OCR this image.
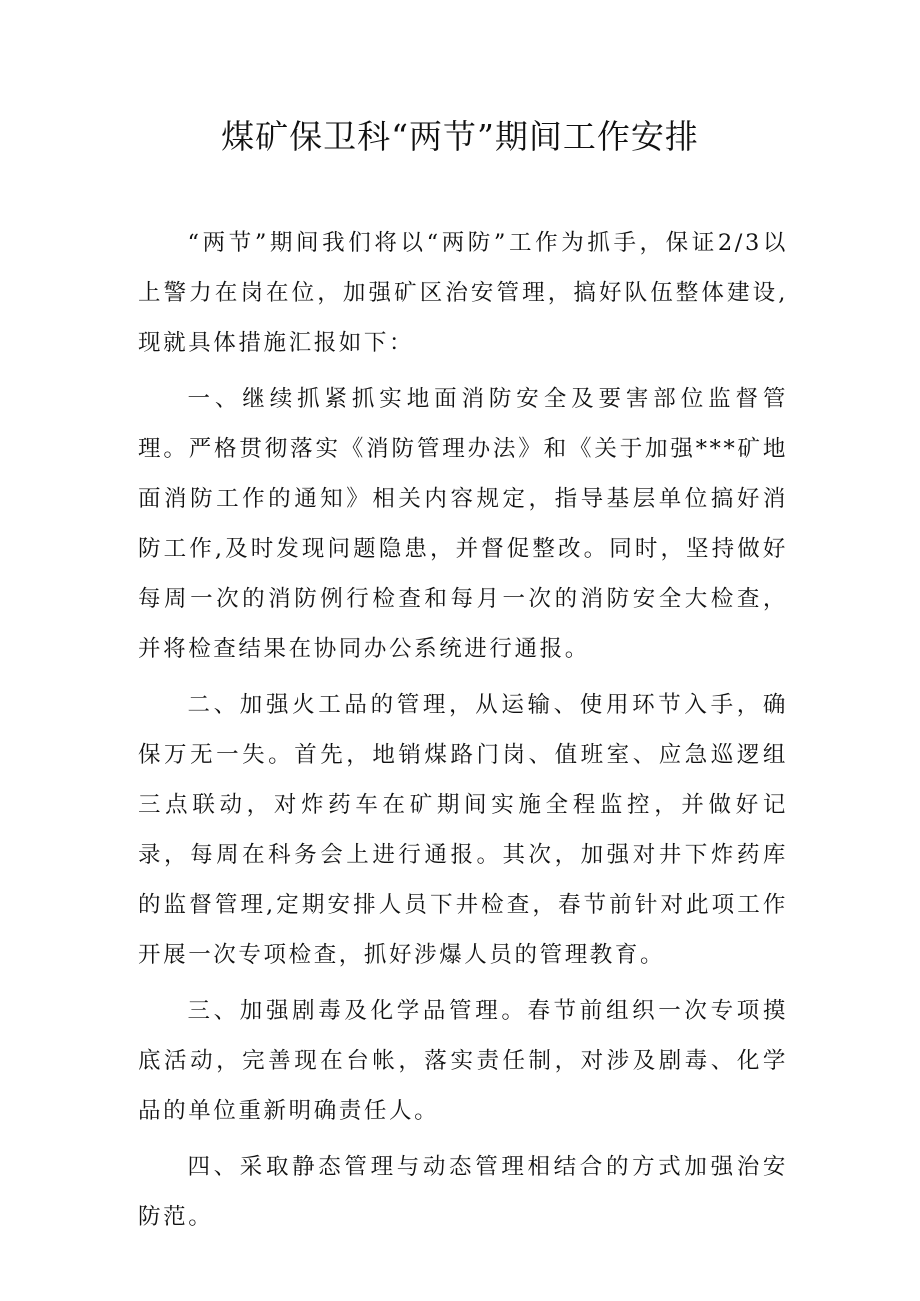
煤矿保卫科“两节”期间工作安排

“两节”期间我们将以“两防”工作为抓手，保证2/3以上警力在岗在位，加强矿区治安管理，搞好队伍整体建设,现就具体措施汇报如下：

一、继续抓紧抓实地面消防安全及要害部位监督管理。严格贯彻落实《消防管理办法》和《关于加强***矿地面消防工作的通知》相关内容规定，指导基层单位搞好消防工作,及时发现问题隐患，并督促整改。同时，坚持做好每周一次的消防例行检查和每月一次的消防安全大检查，并将检查结果在协同办公系统进行通报。

二、加强火工品的管理，从运输、使用环节入手，确保万无一失。首先，地销煤路门岗、值班室、应急巡逻组三点联动，对炸药车在矿期间实施全程监控，并做好记录，每周在科务会上进行通报。其次，加强对井下炸药库的监督管理,定期安排人员下井检查，春节前针对此项工作开展一次专项检查，抓好涉爆人员的管理教育。

三、加强剧毒及化学品管理。春节前组织一次专项摸底活动，完善现在台帐，落实责任制，对涉及剧毒、化学品的单位重新明确责任人。

四、采取静态管理与动态管理相结合的方式加强治安防范。
